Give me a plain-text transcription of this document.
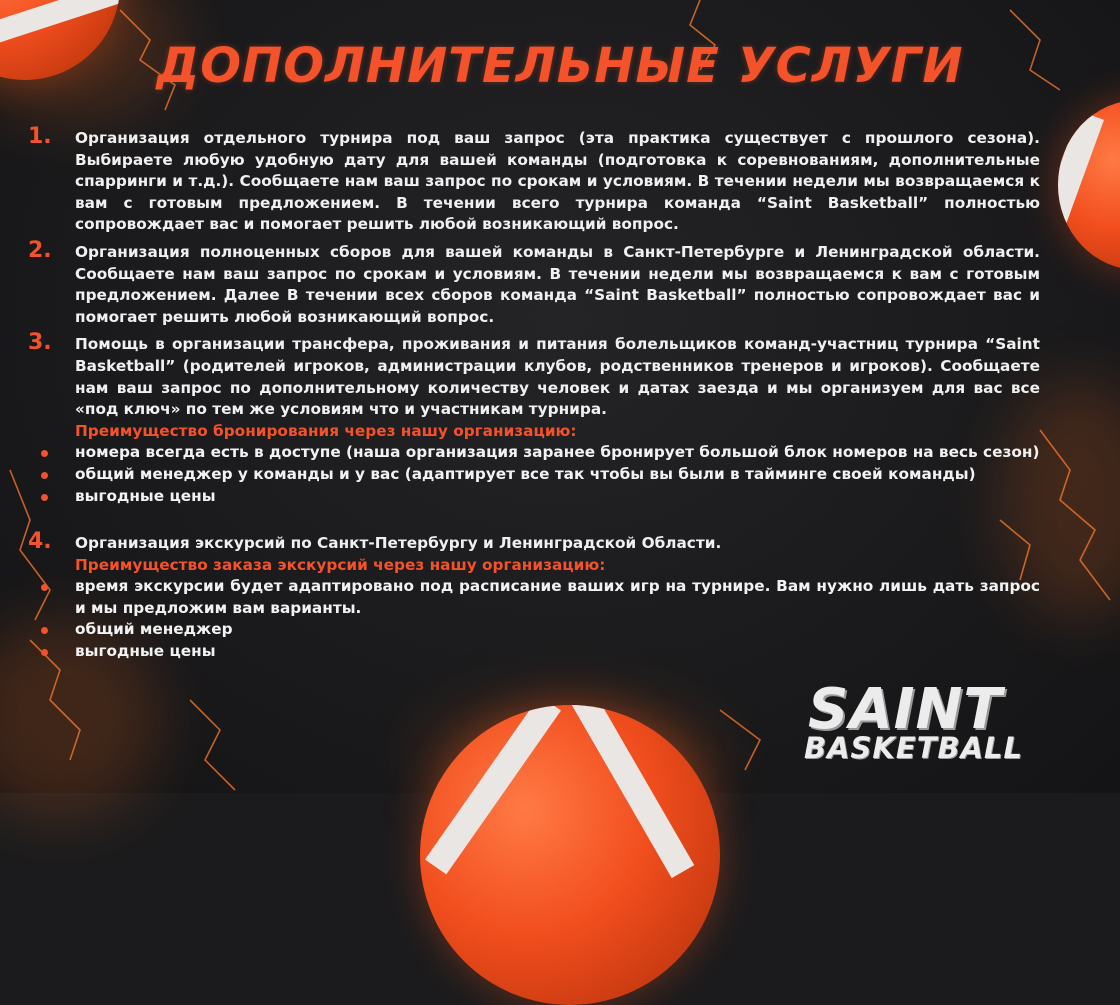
ДОПОЛНИТЕЛЬНЫЕ УСЛУГИ
1. Организация отдельного турнира под ваш запрос (эта практика существует с прошлого сезона). Выбираете любую удобную дату для вашей команды (подготовка к соревнованиям, дополнительные спарринги и т.д.). Сообщаете нам ваш запрос по срокам и условиям. В течении недели мы возвращаемся к вам с готовым предложением. В течении всего турнира команда “Saint Basketball” полностью сопровождает вас и помогает решить любой возникающий вопрос.
2. Организация полноценных сборов для вашей команды в Санкт-Петербурге и Ленинградской области. Сообщаете нам ваш запрос по срокам и условиям. В течении недели мы возвращаемся к вам с готовым предложением. Далее В течении всех сборов команда “Saint Basketball” полностью сопровождает вас и помогает решить любой возникающий вопрос.
3. Помощь в организации трансфера, проживания и питания болельщиков команд-участниц турнира “Saint Basketball” (родителей игроков, администрации клубов, родственников тренеров и игроков). Сообщаете нам ваш запрос по дополнительному количеству человек и датах заезда и мы организуем для вас все «под ключ» по тем же условиям что и участникам турнира.
Преимущество бронирования через нашу организацию:
номера всегда есть в доступе (наша организация заранее бронирует большой блок номеров на весь сезон)
общий менеджер у команды и у вас (адаптирует все так чтобы вы были в тайминге своей команды)
выгодные цены
4. Организация экскурсий по Санкт-Петербургу и Ленинградской Области.
Преимущество заказа экскурсий через нашу организацию:
время экскурсии будет адаптировано под расписание ваших игр на турнире. Вам нужно лишь дать запрос и мы предложим вам варианты.
общий менеджер
выгодные цены
SAINT
BASKETBALL
